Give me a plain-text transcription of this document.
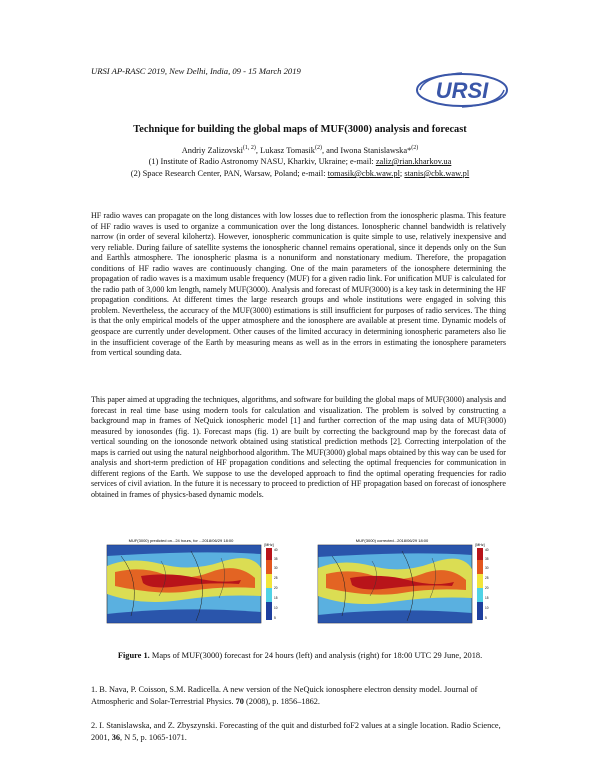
URSI AP-RASC 2019, New Delhi, India, 09 - 15 March 2019
URSI
Technique for building the global maps of MUF(3000) analysis and forecast
Andriy Zalizovski$^{(1, 2)}$, Lukasz Tomasik$^{(2)}$, and Iwona Stanislawska*$^{(2)}$
(1) Institute of Radio Astronomy NASU, Kharkiv, Ukraine; e-mail: zaliz@rian.kharkov.ua
(2) Space Research Center, PAN, Warsaw, Poland; e-mail: tomasik@cbk.waw.pl; stanis@cbk.waw.pl
HF radio waves can propagate on the long distances with low losses due to reflection from the ionospheric plasma. This feature of HF radio waves is used to organize a communication over the long distances. Ionospheric channel bandwidth is relatively narrow (in order of several kilohertz). However, ionospheric communication is quite simple to use, relatively inexpensive and very reliable. During failure of satellite systems the ionospheric channel remains operational, since it depends only on the Sun and EarthÌs atmosphere. The ionospheric plasma is a nonuniform and nonstationary medium. Therefore, the propagation conditions of HF radio waves are continuously changing. One of the main parameters of the ionosphere determining the propagation of radio waves is a maximum usable frequency (MUF) for a given radio link. For unification MUF is calculated for the radio path of 3,000 km length, namely MUF(3000). Analysis and forecast of MUF(3000) is a key task in determining the HF propagation conditions. At different times the large research groups and whole institutions were engaged in solving this problem. Nevertheless, the accuracy of the MUF(3000) estimations is still insufficient for purposes of radio services. The thing is that the only empirical models of the upper atmosphere and the ionosphere are available at present time. Dynamic models of geospace are currently under development. Other causes of the limited accuracy in determining ionospheric parameters also lie in the insufficient coverage of the Earth by measuring means as well as in the errors in estimating the ionosphere parameters from vertical sounding data.
This paper aimed at upgrading the techniques, algorithms, and software for building the global maps of MUF(3000) analysis and forecast in real time base using modern tools for calculation and visualization. The problem is solved by constructing a background map in frames of NeQuick ionospheric model [1] and further correction of the map using data of MUF(3000) measured by ionosondes (fig. 1). Forecast maps (fig. 1) are built by correcting the background map by the forecast data of vertical sounding on the ionosonde network obtained using statistical prediction methods [2]. Correcting interpolation of the maps is carried out using the natural neighborhood algorithm. The MUF(3000) global maps obtained by this way can be used for analysis and short-term prediction of HF propagation conditions and selecting the optimal frequencies for communication in different regions of the Earth. We suppose to use the developed approach to find the optimal operating frequencies for radio services of civil aviation. In the future it is necessary to proceed to prediction of HF propagation based on forecast of ionosphere obtained in frames of physics-based dynamic models.
MUF(3000) predicted on...24 hours, for ...2018/06/29 18:00
[MHz]
40
35
30
25
20
15
10
5
MUF(3000) corrected...2018/06/29 18:00
[MHz]
40
35
30
25
20
15
10
5
Figure 1. Maps of MUF(3000) forecast for 24 hours (left) and analysis (right) for 18:00 UTC 29 June, 2018.
1. B. Nava, P. Coisson, S.M. Radicella. A new version of the NeQuick ionosphere electron density model. Journal of Atmospheric and Solar-Terrestrial Physics. 70 (2008), p. 1856–1862.
2. I. Stanislawska, and Z. Zbyszynski. Forecasting of the quit and disturbed foF2 values at a single location. Radio Science, 2001, 36, N 5, p. 1065-1071.
